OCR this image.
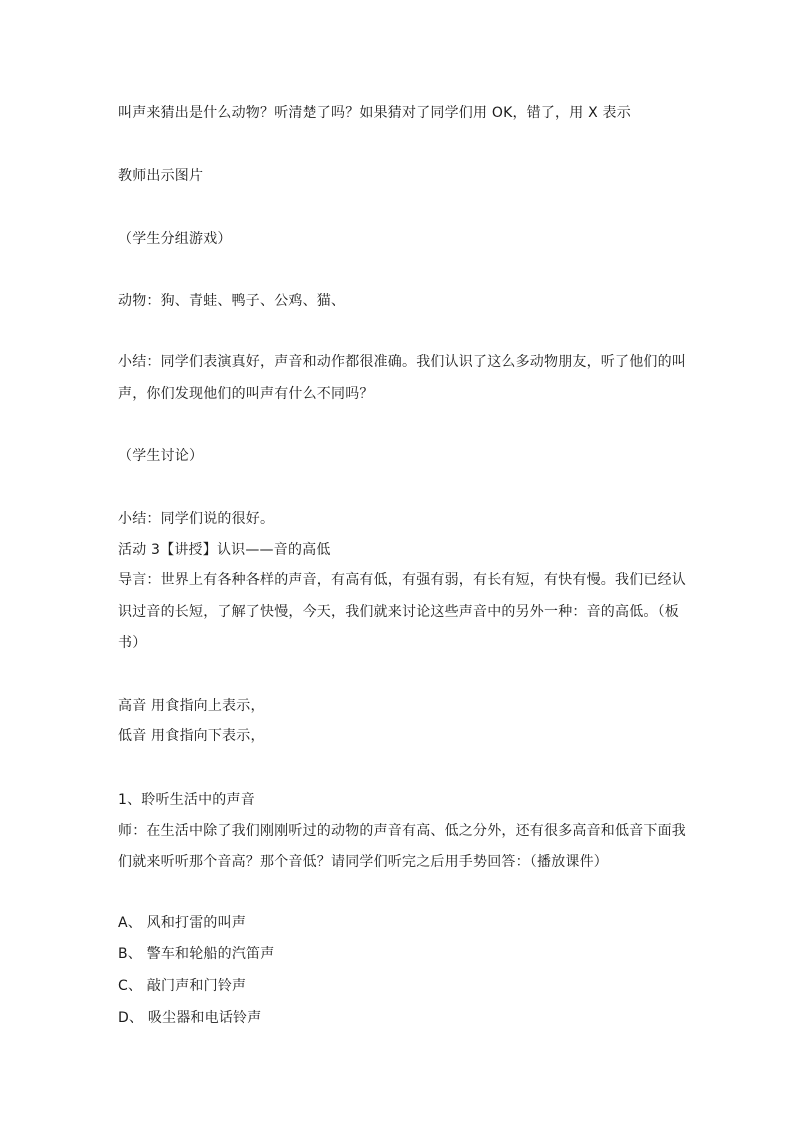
叫声来猜出是什么动物？听清楚了吗？如果猜对了同学们用 OK，错了，用 X 表示
教师出示图片
（学生分组游戏）
动物：狗、青蛙、鸭子、公鸡、猫、
小结：同学们表演真好，声音和动作都很准确。我们认识了这么多动物朋友，听了他们的叫
声，你们发现他们的叫声有什么不同吗？
（学生讨论）
小结：同学们说的很好。
活动 3【讲授】认识——音的高低
导言：世界上有各种各样的声音，有高有低，有强有弱，有长有短，有快有慢。我们已经认
识过音的长短，了解了快慢，今天，我们就来讨论这些声音中的另外一种：音的高低。（板
书）
高音 用食指向上表示，
低音 用食指向下表示，
1、聆听生活中的声音
师：在生活中除了我们刚刚听过的动物的声音有高、低之分外，还有很多高音和低音下面我
们就来听听那个音高？那个音低？请同学们听完之后用手势回答：（播放课件）
A、 风和打雷的叫声
B、 警车和轮船的汽笛声
C、 敲门声和门铃声
D、 吸尘器和电话铃声
